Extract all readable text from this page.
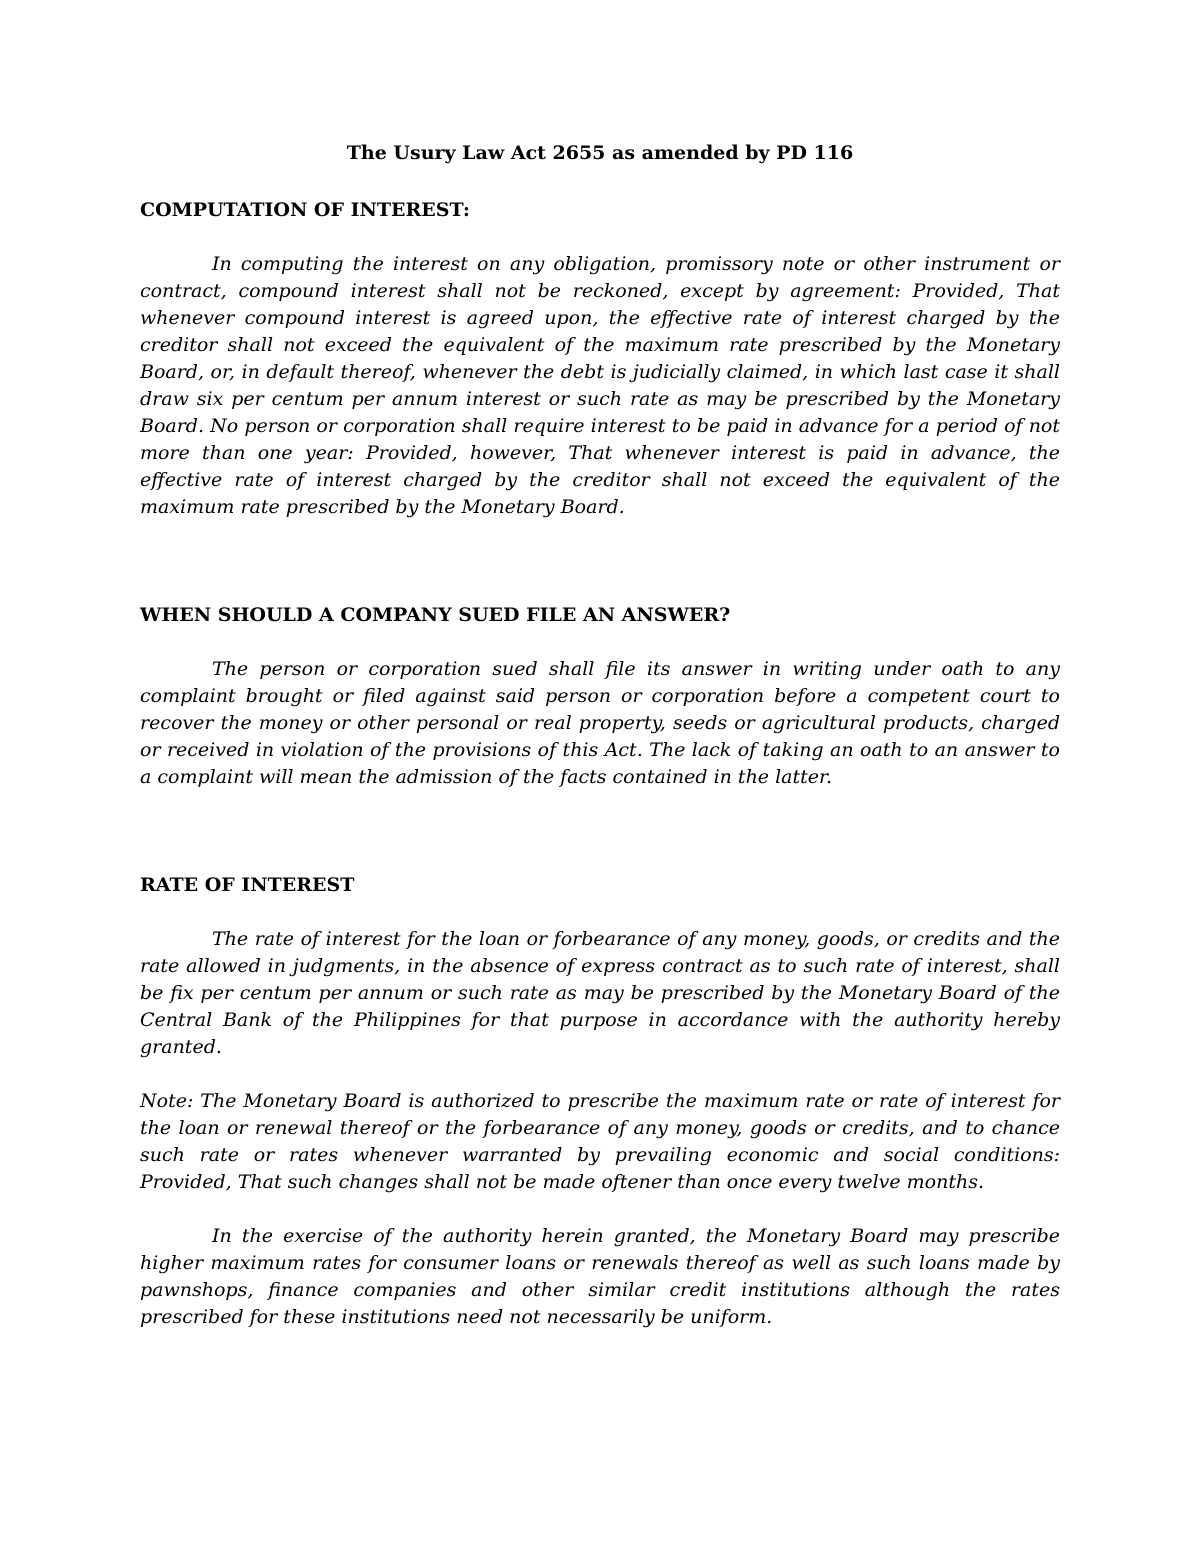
The Usury Law Act 2655 as amended by PD 116
COMPUTATION OF INTEREST:

In computing the interest on any obligation, promissory note or other instrument or contract, compound interest shall not be reckoned, except by agreement: Provided, That whenever compound interest is agreed upon, the effective rate of interest charged by the creditor shall not exceed the equivalent of the maximum rate prescribed by the Monetary Board, or, in default thereof, whenever the debt is judicially claimed, in which last case it shall draw six per centum per annum interest or such rate as may be prescribed by the Monetary Board. No person or corporation shall require interest to be paid in advance for a period of not more than one year: Provided, however, That whenever interest is paid in advance, the effective rate of interest charged by the creditor shall not exceed the equivalent of the maximum rate prescribed by the Monetary Board.

WHEN SHOULD A COMPANY SUED FILE AN ANSWER?

The person or corporation sued shall file its answer in writing under oath to any complaint brought or filed against said person or corporation before a competent court to recover the money or other personal or real property, seeds or agricultural products, charged or received in violation of the provisions of this Act. The lack of taking an oath to an answer to a complaint will mean the admission of the facts contained in the latter.

RATE OF INTEREST

The rate of interest for the loan or forbearance of any money, goods, or credits and the rate allowed in judgments, in the absence of express contract as to such rate of interest, shall be fix per centum per annum or such rate as may be prescribed by the Monetary Board of the Central Bank of the Philippines for that purpose in accordance with the authority hereby granted.

Note: The Monetary Board is authorized to prescribe the maximum rate or rate of interest for the loan or renewal thereof or the forbearance of any money, goods or credits, and to chance such rate or rates whenever warranted by prevailing economic and social conditions: Provided, That such changes shall not be made oftener than once every twelve months.

In the exercise of the authority herein granted, the Monetary Board may prescribe higher maximum rates for consumer loans or renewals thereof as well as such loans made by pawnshops, finance companies and other similar credit institutions although the rates prescribed for these institutions need not necessarily be uniform.
